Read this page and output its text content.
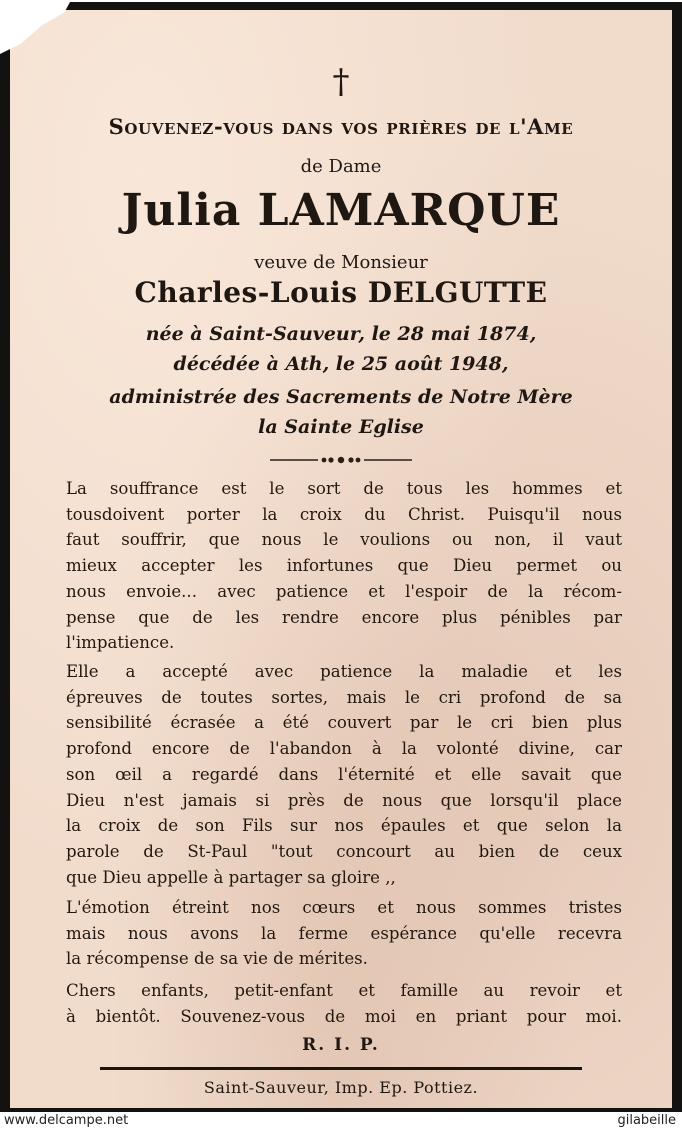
†
Souvenez-vous dans vos prières de l'Ame
de Dame
Julia LAMARQUE
veuve de Monsieur
Charles-Louis DELGUTTE
née à Saint-Sauveur, le 28 mai 1874,
décédée à Ath, le 25 août 1948,
administrée des Sacrements de Notre Mère
la Sainte Eglise
La souffrance est le sort de tous les hommes et
tousdoivent porter la croix du Christ. Puisqu'il nous
faut souffrir, que nous le voulions ou non, il vaut
mieux accepter les infortunes que Dieu permet ou
nous envoie... avec patience et l'espoir de la récom-
pense que de les rendre encore plus pénibles par
l'impatience.
Elle a accepté avec patience la maladie et les
épreuves de toutes sortes, mais le cri profond de sa
sensibilité écrasée a été couvert par le cri bien plus
profond encore de l'abandon à la volonté divine, car
son œil a regardé dans l'éternité et elle savait que
Dieu n'est jamais si près de nous que lorsqu'il place
la croix de son Fils sur nos épaules et que selon la
parole de St-Paul "tout concourt au bien de ceux
que Dieu appelle à partager sa gloire ,,
L'émotion étreint nos cœurs et nous sommes tristes
mais nous avons la ferme espérance qu'elle recevra
la récompense de sa vie de mérites.
Chers enfants, petit-enfant et famille au revoir et
à bientôt. Souvenez-vous de moi en priant pour moi.
R. I. P.
Saint-Sauveur, Imp. Ep. Pottiez.
www.delcampe.net	gilabeille
